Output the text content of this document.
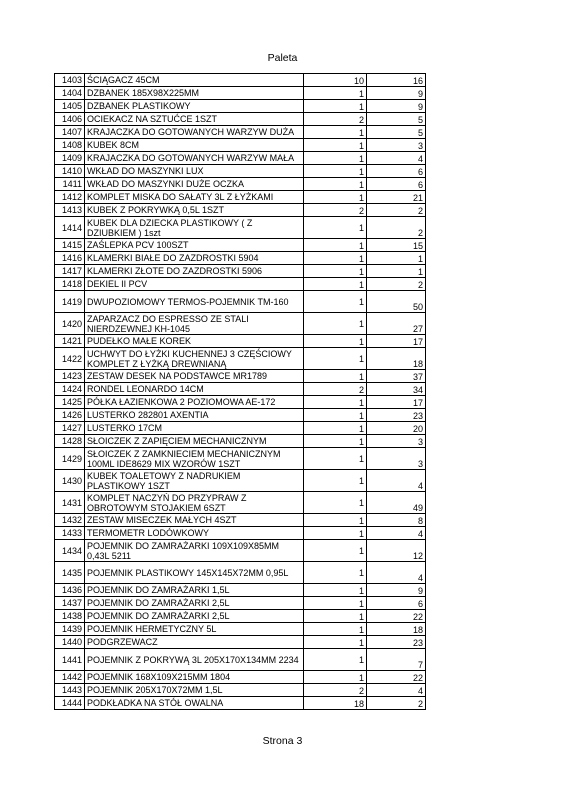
Paleta
1403	ŚCIĄGACZ 45CM	10	16
1404	DZBANEK 185X98X225MM	1	9
1405	DZBANEK PLASTIKOWY	1	9
1406	OCIEKACZ NA SZTUĆCE 1SZT	2	5
1407	KRAJACZKA DO GOTOWANYCH WARZYW DUŻA	1	5
1408	KUBEK 8CM	1	3
1409	KRAJACZKA DO GOTOWANYCH WARZYW MAŁA	1	4
1410	WKŁAD DO MASZYNKI LUX	1	6
1411	WKŁAD DO MASZYNKI DUŻE OCZKA	1	6
1412	KOMPLET MISKA DO SAŁATY 3L Z ŁYŻKAMI	1	21
1413	KUBEK Z POKRYWKĄ 0,5L 1SZT	2	2
1414	KUBEK DLA DZIECKA PLASTIKOWY ( Z DZIUBKIEM ) 1szt	1	2
1415	ZAŚLEPKA PCV 100SZT	1	15
1416	KLAMERKI BIAŁE DO ZAZDROSTKI 5904	1	1
1417	KLAMERKI ZŁOTE DO ZAZDROSTKI 5906	1	1
1418	DEKIEL II PCV	1	2
1419	DWUPOZIOMOWY TERMOS-POJEMNIK TM-160	1	50
1420	ZAPARZACZ DO ESPRESSO ZE STALI NIERDZEWNEJ KH-1045	1	27
1421	PUDEŁKO MAŁE KOREK	1	17
1422	UCHWYT DO ŁYŻKI KUCHENNEJ 3 CZĘŚCIOWY KOMPLET Z ŁYŻKĄ DREWNIANĄ	1	18
1423	ZESTAW DESEK NA PODSTAWCE MR1789	1	37
1424	RONDEL LEONARDO 14CM	2	34
1425	PÓŁKA ŁAZIENKOWA 2 POZIOMOWA AE-172	1	17
1426	LUSTERKO 282801 AXENTIA	1	23
1427	LUSTERKO 17CM	1	20
1428	SŁOICZEK Z ZAPIĘCIEM MECHANICZNYM	1	3
1429	SŁOICZEK Z ZAMKNIECIEM MECHANICZNYM 100ML IDE8629 MIX WZORÓW 1SZT	1	3
1430	KUBEK TOALETOWY Z NADRUKIEM PLASTIKOWY 1SZT	1	4
1431	KOMPLET NACZYŃ DO PRZYPRAW Z OBROTOWYM STOJAKIEM 6SZT	1	49
1432	ZESTAW MISECZEK MAŁYCH 4SZT	1	8
1433	TERMOMETR LODÓWKOWY	1	4
1434	POJEMNIK DO ZAMRAŻARKI 109X109X85MM 0,43L 5211	1	12
1435	POJEMNIK PLASTIKOWY 145X145X72MM 0,95L	1	4
1436	POJEMNIK DO ZAMRAŻARKI 1,5L	1	9
1437	POJEMNIK DO ZAMRAŻARKI 2,5L	1	6
1438	POJEMNIK DO ZAMRAŻARKI 2,5L	1	22
1439	POJEMNIK HERMETYCZNY 5L	1	18
1440	PODGRZEWACZ	1	23
1441	POJEMNIK Z POKRYWĄ 3L 205X170X134MM 2234	1	7
1442	POJEMNIK 168X109X215MM 1804	1	22
1443	POJEMNIK 205X170X72MM 1,5L	2	4
1444	PODKŁADKA NA STÓŁ OWALNA	18	2
Strona 3
